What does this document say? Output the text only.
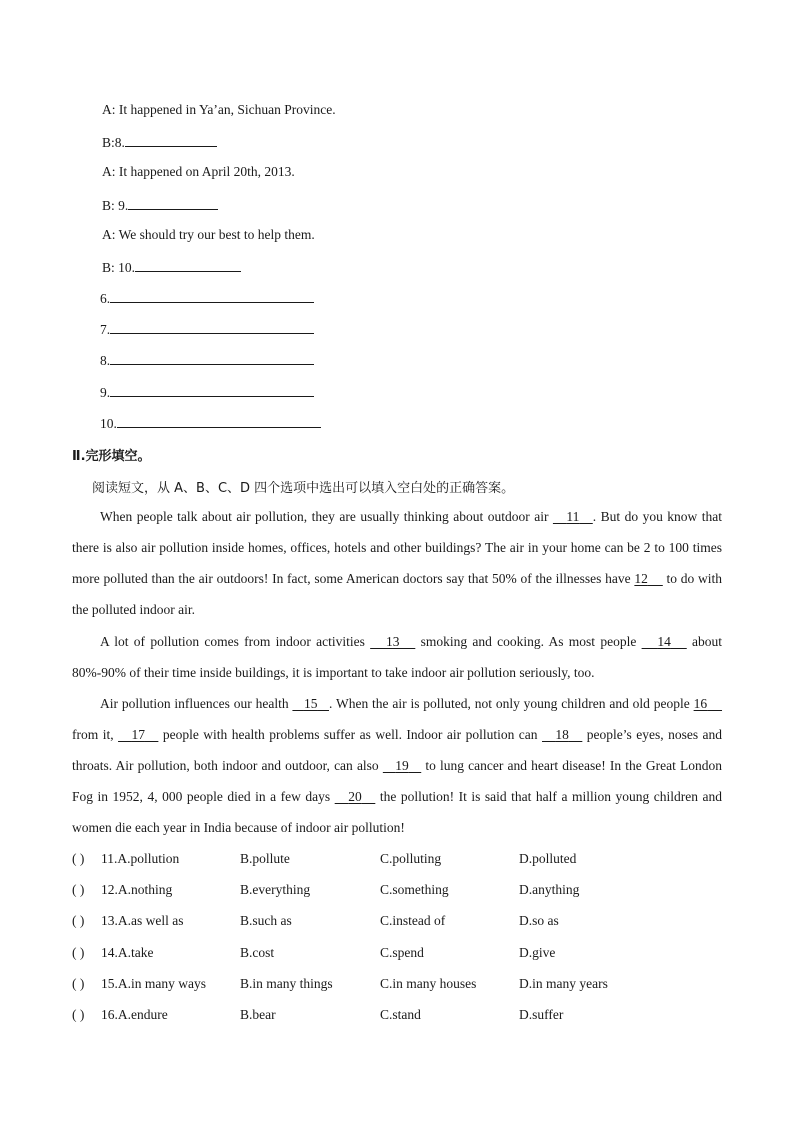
A: It happened in Ya’an, Sichuan Province.
B:8.
A: It happened on April 20th, 2013.
B: 9.
A: We should try our best to help them.
B: 10.
6.
7.
8.
9.
10.
Ⅱ.完形填空。
阅读短文，从 A、B、C、D 四个选项中选出可以填入空白处的正确答案。
When people talk about air pollution, they are usually thinking about outdoor air    11 . But do you know that there is also air pollution inside homes, offices, hotels and other buildings? The air in your home can be 2 to 100 times more polluted than the air outdoors! In fact, some American doctors say that 50% of the illnesses have 12     to do with the polluted indoor air.
A lot of pollution comes from indoor activities    13    smoking and cooking. As most people    14    about 80%-90% of their time inside buildings, it is important to take indoor air pollution seriously, too.
Air pollution influences our health    15 . When the air is polluted, not only young children and old people 16     from it,    17    people with health problems suffer as well. Indoor air pollution can    18    people’s eyes, noses and throats. Air pollution, both indoor and outdoor, can also    19    to lung cancer and heart disease! In the Great London Fog in 1952, 4, 000 people died in a few days    20    the pollution! It is said that half a million young children and women die each year in India because of indoor air pollution!
( ) 11.A.pollution	B.pollute	C.polluting	D.polluted
( ) 12.A.nothing	B.everything	C.something	D.anything
( ) 13.A.as well as	B.such as	C.instead of	D.so as
( ) 14.A.take	B.cost	C.spend	D.give
( ) 15.A.in many ways	B.in many things	C.in many houses	D.in many years
( ) 16.A.endure	B.bear	C.stand	D.suffer
